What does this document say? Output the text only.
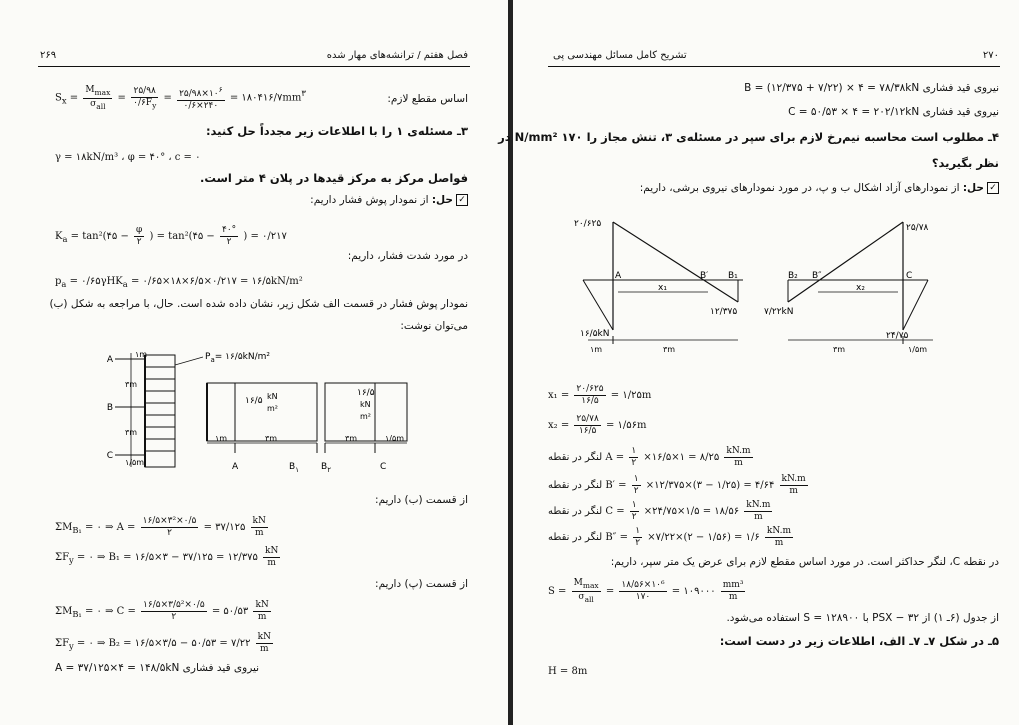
۲۶۹	فصل هفتم / ترانشه‌های مهار شده
$S_x = \frac{M_{max}}{\sigma_{all}} = \frac{۲۵/۹۸}{۰/۶F_y} = \frac{۲۵/۹۸\times ۱۰^۶}{۰/۶\times ۲۴۰}$ = $۱۸۰۴۱۶/۷mm^۳$	اساس مقطع لازم:
۳ـ مسئله‌ی ۱ را با اطلاعات زیر مجدداً حل کنید:
γ = ۱۸kN/m³ ، φ = ۴۰° ، c = ۰
فواصل مرکز به مرکز قیدها در پلان ۴ متر است.
✓حل: از نمودار پوش فشار داریم:
$K_a$ = tan²(۴۵ − $\frac{\varphi}{۲}$ ) = tan²(۴۵ − $\frac{۴۰^\circ}{۲}$ ) = ۰/۲۱۷
در مورد شدت فشار، داریم:
$p_a$ = ۰/۶۵γHK$_a$ = ۰/۶۵×۱۸×۶/۵×۰/۲۱۷ = ۱۶/۵kN/m²
نمودار پوش فشار در قسمت الف شکل زیر، نشان داده شده است. حال، با مراجعه به شکل (ب)
می‌توان نوشت:
A
B
C
۱m
۳m
۳m
۱/۵m
$P_a=$ ۱۶/۵kN/m²
۱۶/۵ kN
m²
۱m	۳m
A	$B_۱$
۱۶/۵
kN
m²
۳m	۱/۵m
$B_۲$	C
از قسمت (ب) داریم:
$\Sigma M_{B_1}$ = ۰ ⇒ $A = \frac{\text{۱۶/۵×۳²×۰/۵}}{۲}$ = ۳۷/۱۲۵ $\frac{kN}{m}$
$\Sigma F_y$ = ۰ ⇒ B₁ = ۱۶/۵×۳ − ۳۷/۱۲۵ = ۱۲/۳۷۵ $\frac{kN}{m}$
از قسمت (پ) داریم:
$\Sigma M_{B_1}$ = ۰ ⇒ $C = \frac{\text{۱۶/۵×۳/۵²×۰/۵}}{۲}$ = ۵۰/۵۳ $\frac{kN}{m}$
$\Sigma F_y$ = ۰ ⇒ B₂ = ۱۶/۵×۳/۵ − ۵۰/۵۳ = ۷/۲۲ $\frac{kN}{m}$
نیروی قید فشاری A = ۳۷/۱۲۵×۴ = ۱۴۸/۵kN
تشریح کامل مسائل مهندسی پی	۲۷۰
نیروی قید فشاری B = (۱۲/۳۷۵ + ۷/۲۲) × ۴ = ۷۸/۳۸kN
نیروی قید فشاری C = ۵۰/۵۳ × ۴ = ۲۰۲/۱۲kN
۴ـ مطلوب است محاسبه نیم‌رخ لازم برای سپر در مسئله‌ی ۳، تنش مجاز را ۱۷۰ N/mm² در
نظر بگیرید؟
✓حل: از نمودارهای آزاد اشکال ب و پ، در مورد نمودارهای نیروی برشی، داریم:
۲۰/۶۲۵
A	B′ B₁
x₁
۱۲/۳۷۵
۱۶/۵kN
۱m	۳m
۲۵/۷۸
B₂ B″	C
x₂
۷/۲۲kN
۲۴/۷۵
۳m	۱/۵m
$x_1 = \frac{۲۰/۶۲۵}{۱۶/۵}$ = ۱/۲۵m
$x_2 = \frac{۲۵/۷۸}{۱۶/۵}$ = ۱/۵۶m
لنگر در نقطه $A = \frac{۱}{۲}$ ×۱۶/۵×۱ = ۸/۲۵ $\frac{kN.m}{m}$
لنگر در نقطه $B' = \frac{۱}{۲}$ ×۱۲/۳۷۵×(۳ − ۱/۲۵) = ۴/۶۴ $\frac{kN.m}{m}$
لنگر در نقطه $C = \frac{۱}{۲}$ ×۲۴/۷۵×۱/۵ = ۱۸/۵۶ $\frac{kN.m}{m}$
لنگر در نقطه $B'' = \frac{۱}{۲}$ ×۷/۲۲×(۲ − ۱/۵۶) = ۱/۶ $\frac{kN.m}{m}$
در نقطه C، لنگر حداکثر است. در مورد اساس مقطع لازم برای عرض یک متر سپر، داریم:
$S = \frac{M_{max}}{\sigma_{all}} = \frac{\text{۱۸/۵۶×۱۰⁶}}{۱۷۰}$ = ۱۰۹۰۰۰ $\frac{\text{mm³}}{m}$
از جدول (۶ـ ۱) از PSX − ۳۲ با S = ۱۲۸۹۰۰ استفاده می‌شود.
۵ـ در شکل ۷ـ ۷ـ الف، اطلاعات زیر در دست است:
H = 8m
